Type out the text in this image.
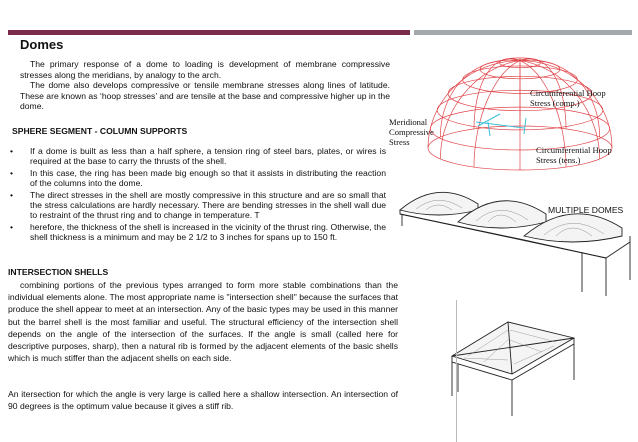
Domes

The primary response of a dome to loading is development of membrane compressive stresses along the meridians, by analogy to the arch.

The dome also develops compressive or tensile membrane stresses along lines of latitude. These are known as ‘hoop stresses’ and are tensile at the base and compressive higher up in the dome.

SPHERE SEGMENT - COLUMN SUPPORTS
• If a dome is built as less than a half sphere, a tension ring of steel bars, plates, or wires is required at the base to carry the thrusts of the shell.
• In this case, the ring has been made big enough so that it assists in distributing the reaction of the columns into the dome.
• The direct stresses in the shell are mostly compressive in this structure and are so small that the stress calculations are hardly necessary. There are bending stresses in the shell wall due to restraint of the thrust ring and to change in temperature. T
• herefore, the thickness of the shell is increased in the vicinity of the thrust ring. Otherwise, the shell thickness is a minimum and may be 2 1/2 to 3 inches for spans up to 150 ft.
INTERSECTION SHELLS

combining portions of the previous types arranged to form more stable combinations than the individual elements alone. The most appropriate name is "intersection shell" because the surfaces that produce the shell appear to meet at an intersection. Any of the basic types may be used in this manner but the barrel shell is the most familiar and useful. The structural efficiency of the intersection shell depends on the angle of the intersection of the surfaces. If the angle is small (called here for descriptive purposes, sharp), then a natural rib is formed by the adjacent elements of the basic shells which is much stiffer than the adjacent shells on each side.

An itersection for which the angle is very large is called here a shallow intersection. An intersection of 90 degrees is the optimum value because it gives a stiff rib.

Circumferential Hoop Stress (comp.)
Meridional Compressive Stress
Circumferential Hoop Stress (tens.)
MULTIPLE DOMES
